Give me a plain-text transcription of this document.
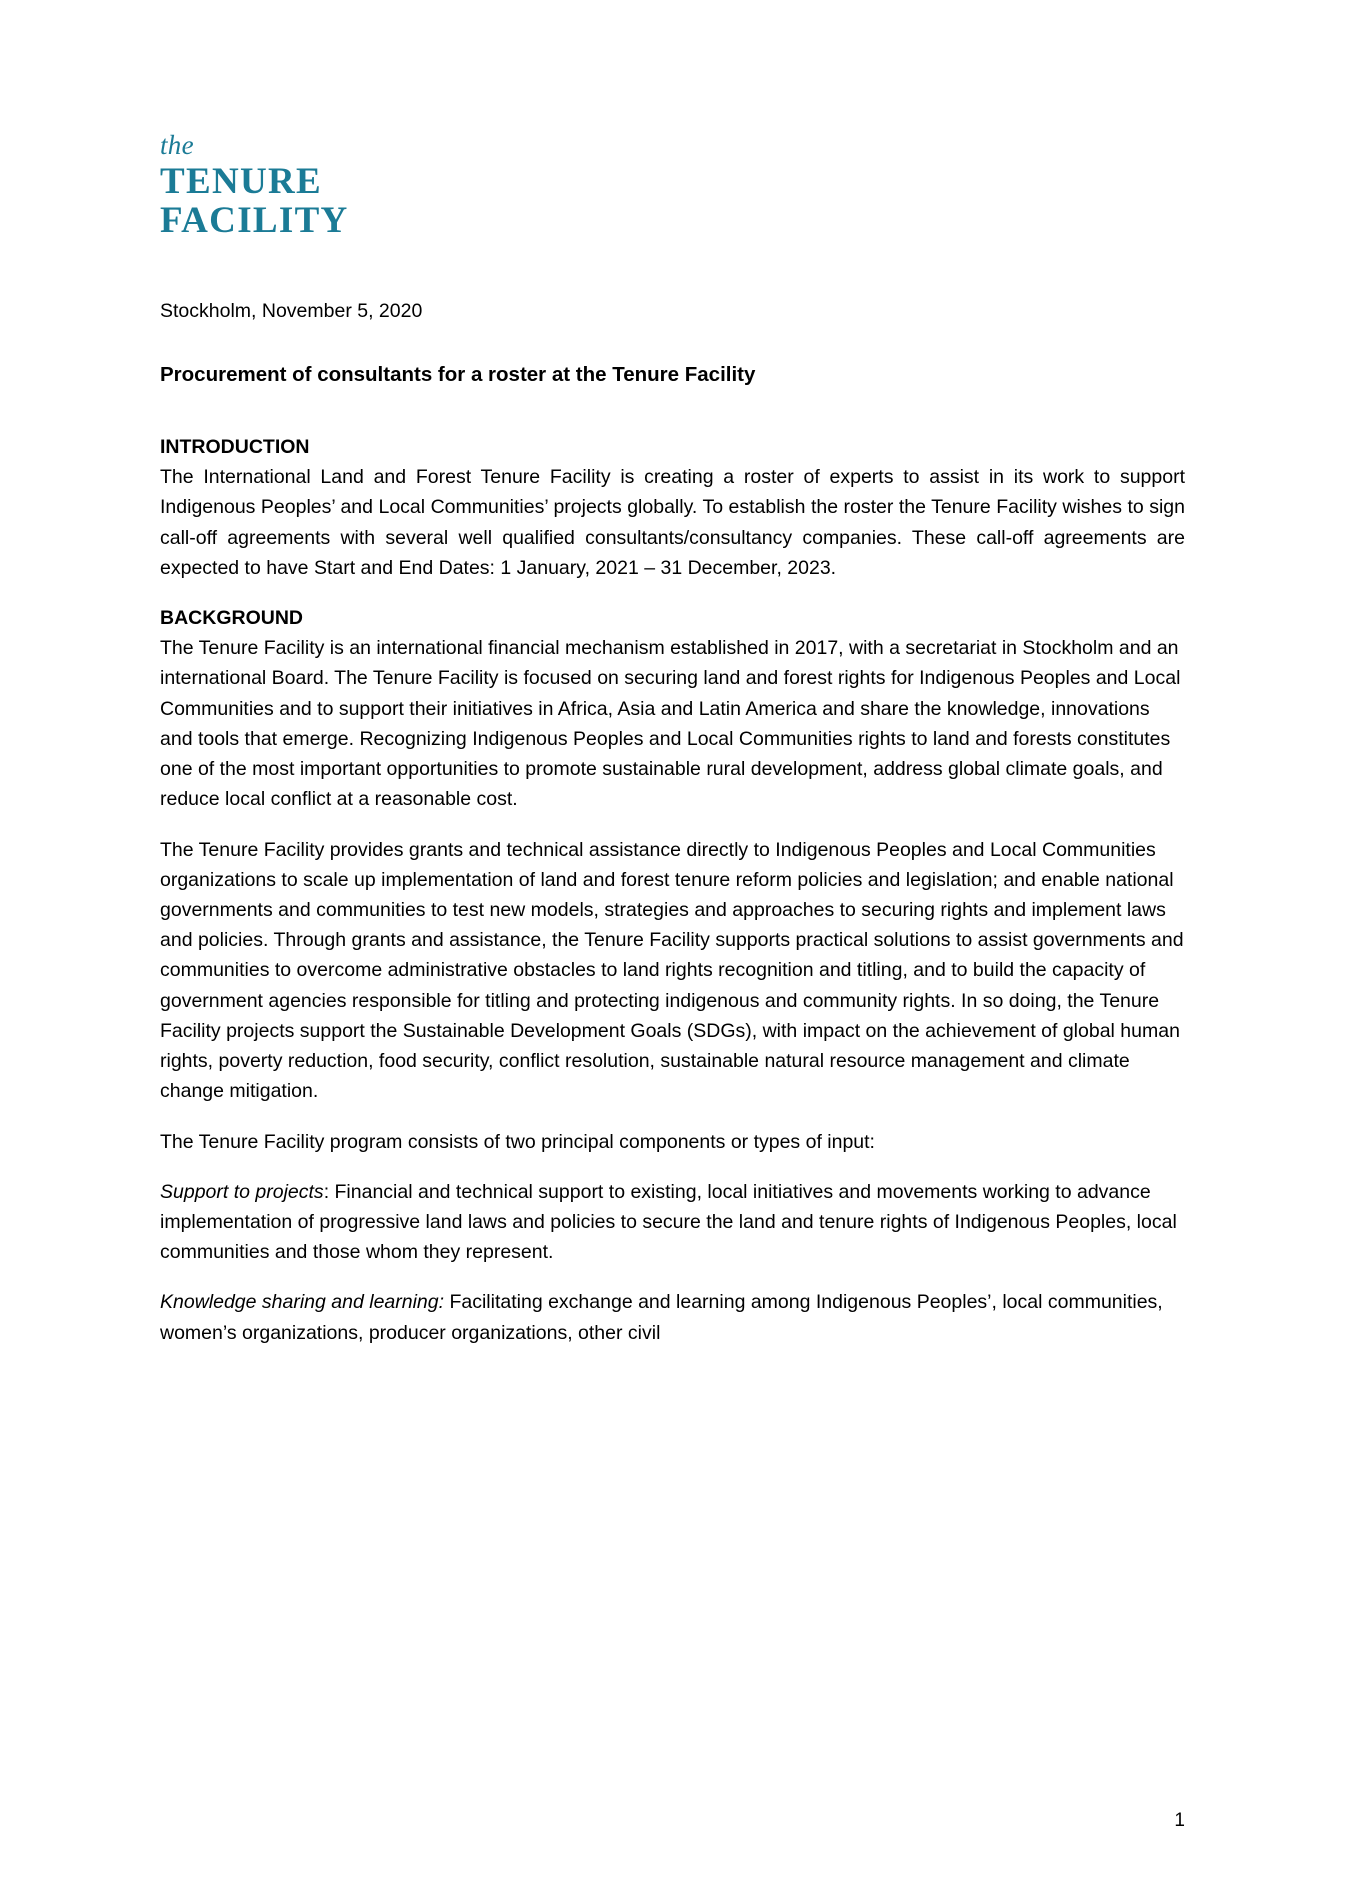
the
TENURE
FACILITY
Stockholm, November 5, 2020
Procurement of consultants for a roster at the Tenure Facility
INTRODUCTION

The International Land and Forest Tenure Facility is creating a roster of experts to assist in its work to support Indigenous Peoples’ and Local Communities’ projects globally. To establish the roster the Tenure Facility wishes to sign call-off agreements with several well qualified consultants/consultancy companies. These call-off agreements are expected to have Start and End Dates: 1 January, 2021 – 31 December, 2023.

BACKGROUND

The Tenure Facility is an international financial mechanism established in 2017, with a secretariat in Stockholm and an international Board. The Tenure Facility is focused on securing land and forest rights for Indigenous Peoples and Local Communities and to support their initiatives in Africa, Asia and Latin America and share the knowledge, innovations and tools that emerge. Recognizing Indigenous Peoples and Local Communities rights to land and forests constitutes one of the most important opportunities to promote sustainable rural development, address global climate goals, and reduce local conflict at a reasonable cost.

The Tenure Facility provides grants and technical assistance directly to Indigenous Peoples and Local Communities organizations to scale up implementation of land and forest tenure reform policies and legislation; and enable national governments and communities to test new models, strategies and approaches to securing rights and implement laws and policies. Through grants and assistance, the Tenure Facility supports practical solutions to assist governments and communities to overcome administrative obstacles to land rights recognition and titling, and to build the capacity of government agencies responsible for titling and protecting indigenous and community rights. In so doing, the Tenure Facility projects support the Sustainable Development Goals (SDGs), with impact on the achievement of global human rights, poverty reduction, food security, conflict resolution, sustainable natural resource management and climate change mitigation.

The Tenure Facility program consists of two principal components or types of input:

Support to projects: Financial and technical support to existing, local initiatives and movements working to advance implementation of progressive land laws and policies to secure the land and tenure rights of Indigenous Peoples, local communities and those whom they represent.

Knowledge sharing and learning: Facilitating exchange and learning among Indigenous Peoples’, local communities, women’s organizations, producer organizations, other civil

1
